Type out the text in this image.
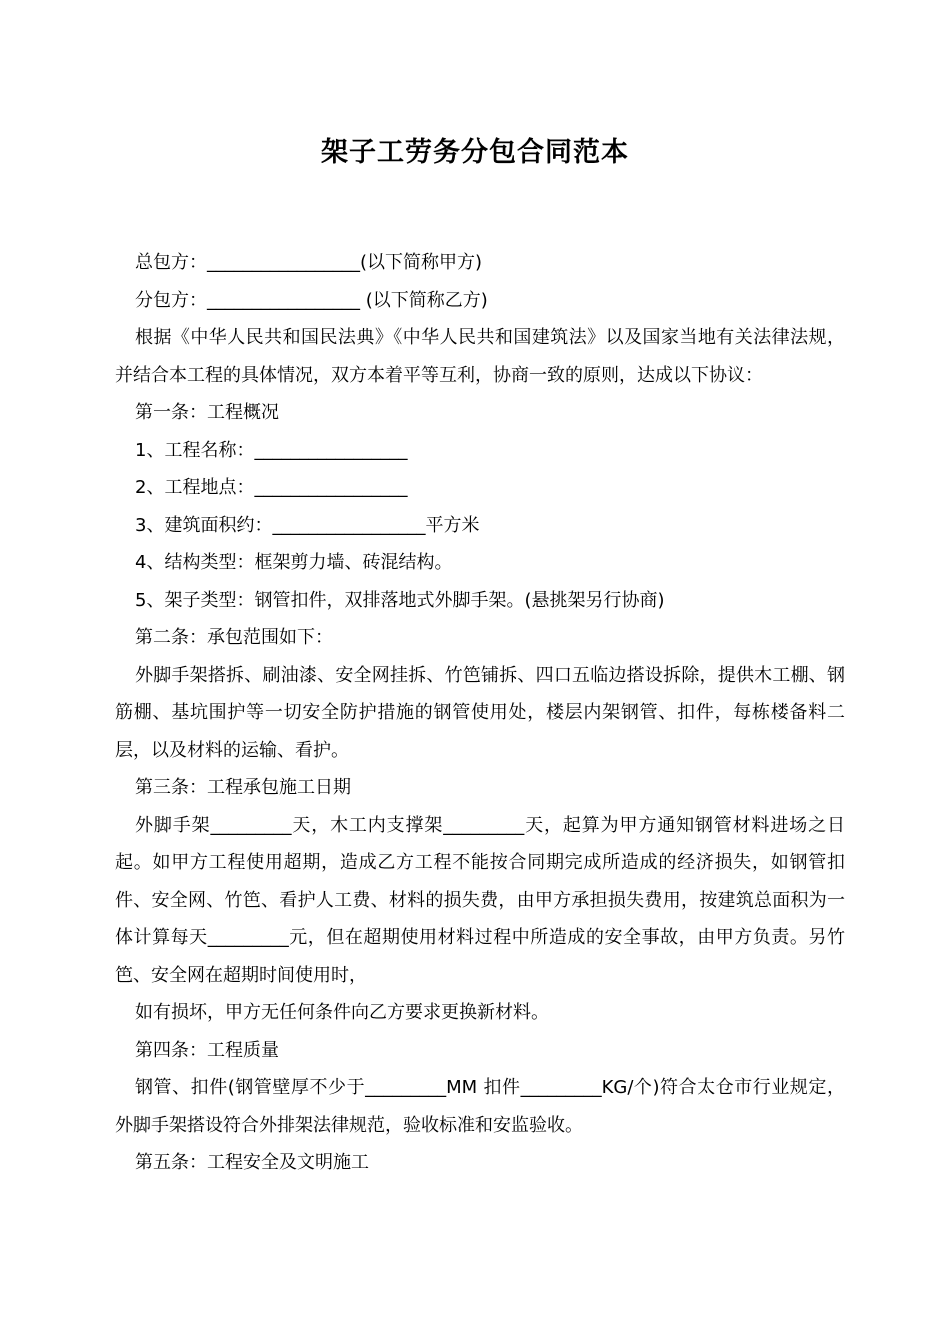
架子工劳务分包合同范本

总包方：_________________(以下简称甲方)

分包方：_________________ (以下简称乙方)

根据《中华人民共和国民法典》《中华人民共和国建筑法》以及国家当地有关法律法规，并结合本工程的具体情况，双方本着平等互利，协商一致的原则，达成以下协议：

第一条：工程概况

1、工程名称：_________________

2、工程地点：_________________

3、建筑面积约：_________________平方米

4、结构类型：框架剪力墙、砖混结构。

5、架子类型：钢管扣件，双排落地式外脚手架。(悬挑架另行协商)

第二条：承包范围如下：

外脚手架搭拆、刷油漆、安全网挂拆、竹笆铺拆、四口五临边搭设拆除，提供木工棚、钢筋棚、基坑围护等一切安全防护措施的钢管使用处，楼层内架钢管、扣件，每栋楼备料二层，以及材料的运输、看护。

第三条：工程承包施工日期

外脚手架_________天，木工内支撑架_________天，起算为甲方通知钢管材料进场之日起。如甲方工程使用超期，造成乙方工程不能按合同期完成所造成的经济损失，如钢管扣件、安全网、竹笆、看护人工费、材料的损失费，由甲方承担损失费用，按建筑总面积为一体计算每天_________元，但在超期使用材料过程中所造成的安全事故，由甲方负责。另竹笆、安全网在超期时间使用时，

如有损坏，甲方无任何条件向乙方要求更换新材料。

第四条：工程质量

钢管、扣件(钢管壁厚不少于_________MM 扣件_________KG/个)符合太仓市行业规定，外脚手架搭设符合外排架法律规范，验收标准和安监验收。

第五条：工程安全及文明施工
